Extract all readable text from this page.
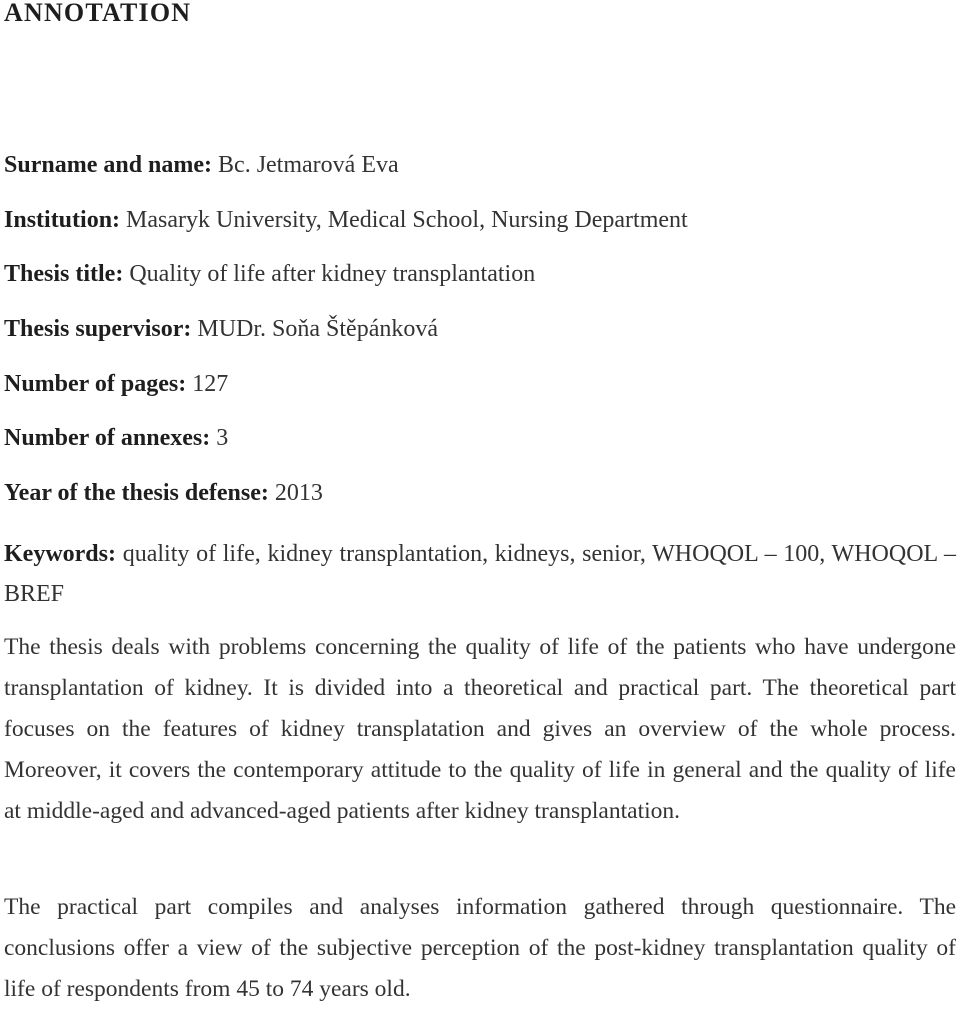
ANNOTATION
Surname and name: Bc. Jetmarová Eva
Institution: Masaryk University, Medical School, Nursing Department
Thesis title: Quality of life after kidney transplantation
Thesis supervisor: MUDr. Soňa Štěpánková
Number of pages: 127
Number of annexes: 3
Year of the thesis defense: 2013
Keywords: quality of life, kidney transplantation, kidneys, senior, WHOQOL – 100, WHOQOL – BREF

The thesis deals with problems concerning the quality of life of the patients who have undergone transplantation of kidney. It is divided into a theoretical and practical part. The theoretical part focuses on the features of kidney transplatation and gives an overview of the whole process. Moreover, it covers the contemporary attitude to the quality of life in general and the quality of life at middle-aged and advanced-aged patients after kidney transplantation.

The practical part compiles and analyses information gathered through questionnaire. The conclusions offer a view of the subjective perception of the post-kidney transplantation quality of life of respondents from 45 to 74 years old.
